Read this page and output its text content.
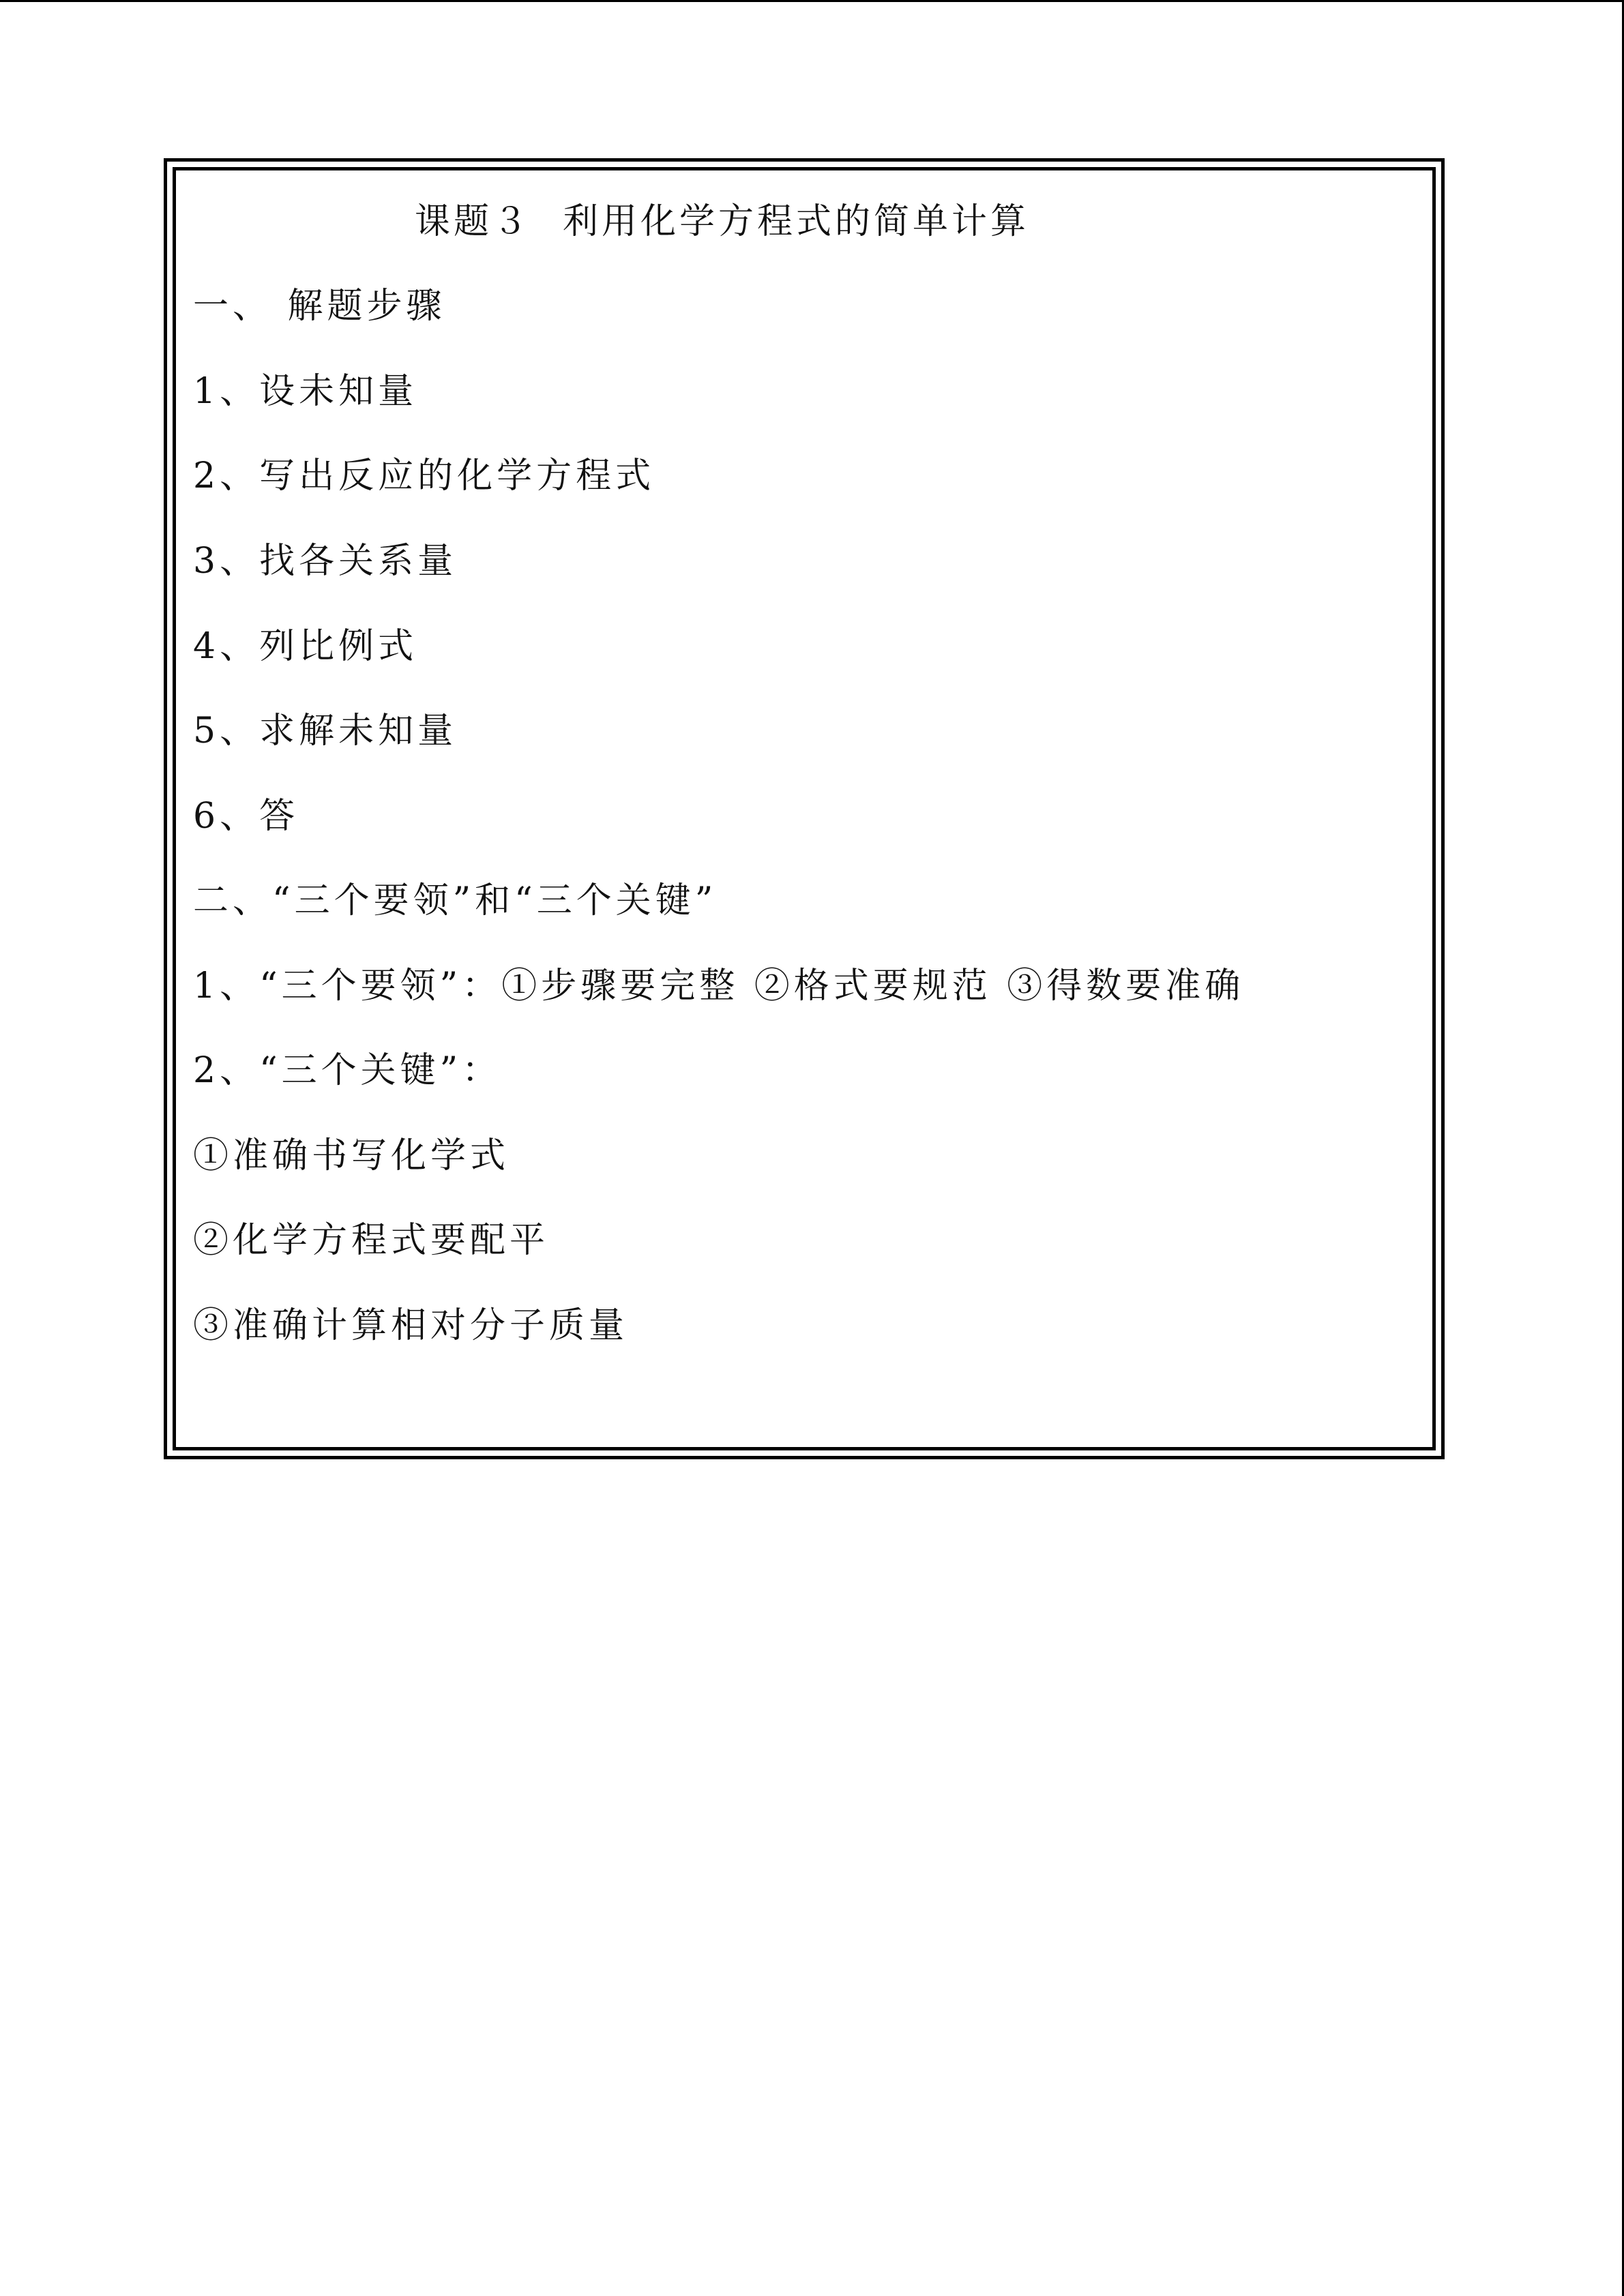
课题３ 利用化学方程式的简单计算
一、 解题步骤
1、设未知量
2、写出反应的化学方程式
3、找各关系量
4、列比例式
5、求解未知量
6、答
二、“三个要领”和“三个关键”
1、“三个要领”：①步骤要完整 ②格式要规范 ③得数要准确
2、“三个关键”：
①准确书写化学式
②化学方程式要配平
③准确计算相对分子质量
